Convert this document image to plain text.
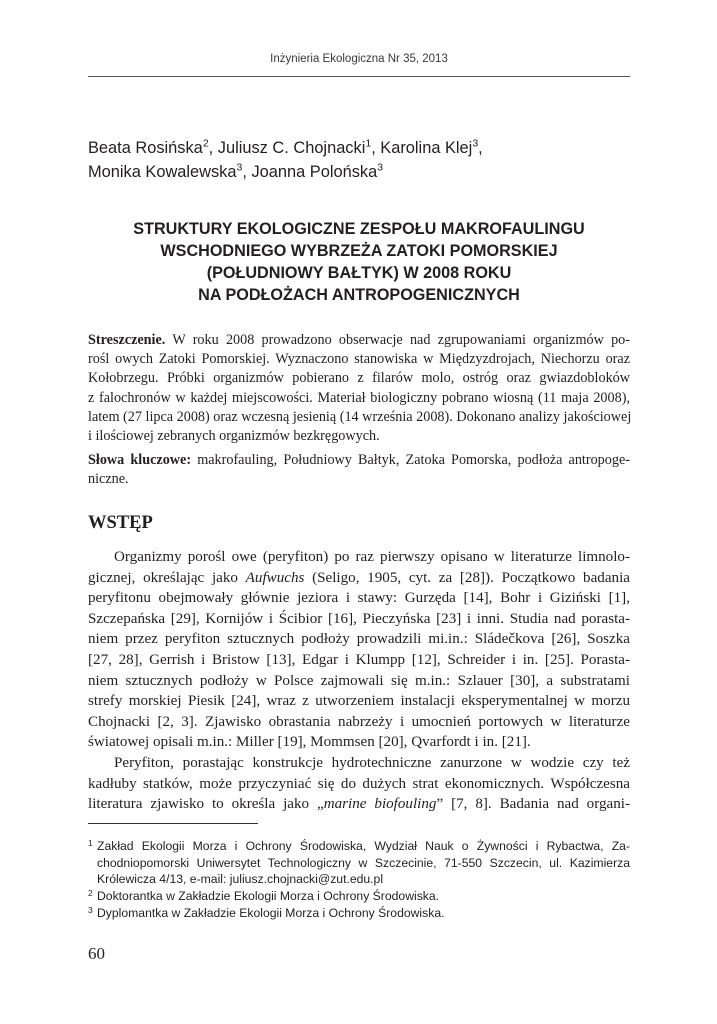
Inżynieria Ekologiczna Nr 35, 2013
Beata Rosińska$^2$, Juliusz C. Chojnacki$^1$, Karolina Klej$^3$,
Monika Kowalewska$^3$, Joanna Polońska$^3$
STRUKTURY EKOLOGICZNE ZESPOŁU MAKROFAULINGU
WSCHODNIEGO WYBRZEŻA ZATOKI POMORSKIEJ
(POŁUDNIOWY BAŁTYK) W 2008 ROKU
NA PODŁOŻACH ANTROPOGENICZNYCH
Streszczenie. W roku 2008 prowadzono obserwacje nad zgrupowaniami organizmów po-
rośl owych Zatoki Pomorskiej. Wyznaczono stanowiska w Międzyzdrojach, Niechorzu oraz
Kołobrzegu. Próbki organizmów pobierano z filarów molo, ostróg oraz gwiazdobloków
z falochronów w każdej miejscowości. Materiał biologiczny pobrano wiosną (11 maja 2008),
latem (27 lipca 2008) oraz wczesną jesienią (14 września 2008). Dokonano analizy jakościowej
i ilościowej zebranych organizmów bezkręgowych.
Słowa kluczowe: makrofauling, Południowy Bałtyk, Zatoka Pomorska, podłoża antropoge-
niczne.
WSTĘP
Organizmy porośl owe (peryfiton) po raz pierwszy opisano w literaturze limnolo-
gicznej, określając jako Aufwuchs (Seligo, 1905, cyt. za [28]). Początkowo badania
peryfitonu obejmowały głównie jeziora i stawy: Gurzęda [14], Bohr i Giziński [1],
Szczepańska [29], Kornijów i Ścibior [16], Pieczyńska [23] i inni. Studia nad porasta-
niem przez peryfiton sztucznych podłoży prowadzili mi.in.: Sládečkova [26], Soszka
[27, 28], Gerrish i Bristow [13], Edgar i Klumpp [12], Schreider i in. [25]. Porasta-
niem sztucznych podłoży w Polsce zajmowali się m.in.: Szlauer [30], a substratami
strefy morskiej Piesik [24], wraz z utworzeniem instalacji eksperymentalnej w morzu
Chojnacki [2, 3]. Zjawisko obrastania nabrzeży i umocnień portowych w literaturze
światowej opisali m.in.: Miller [19], Mommsen [20], Qvarfordt i in. [21].
Peryfiton, porastając konstrukcje hydrotechniczne zanurzone w wodzie czy też
kadłuby statków, może przyczyniać się do dużych strat ekonomicznych. Współczesna
literatura zjawisko to określa jako „marine biofouling” [7, 8]. Badania nad organi-
1 Zakład Ekologii Morza i Ochrony Środowiska, Wydział Nauk o Żywności i Rybactwa, Za-
chodniopomorski Uniwersytet Technologiczny w Szczecinie, 71-550 Szczecin, ul. Kazimierza
Królewicza 4/13, e-mail: juliusz.chojnacki@zut.edu.pl
2 Doktorantka w Zakładzie Ekologii Morza i Ochrony Środowiska.
3 Dyplomantka w Zakładzie Ekologii Morza i Ochrony Środowiska.
60
